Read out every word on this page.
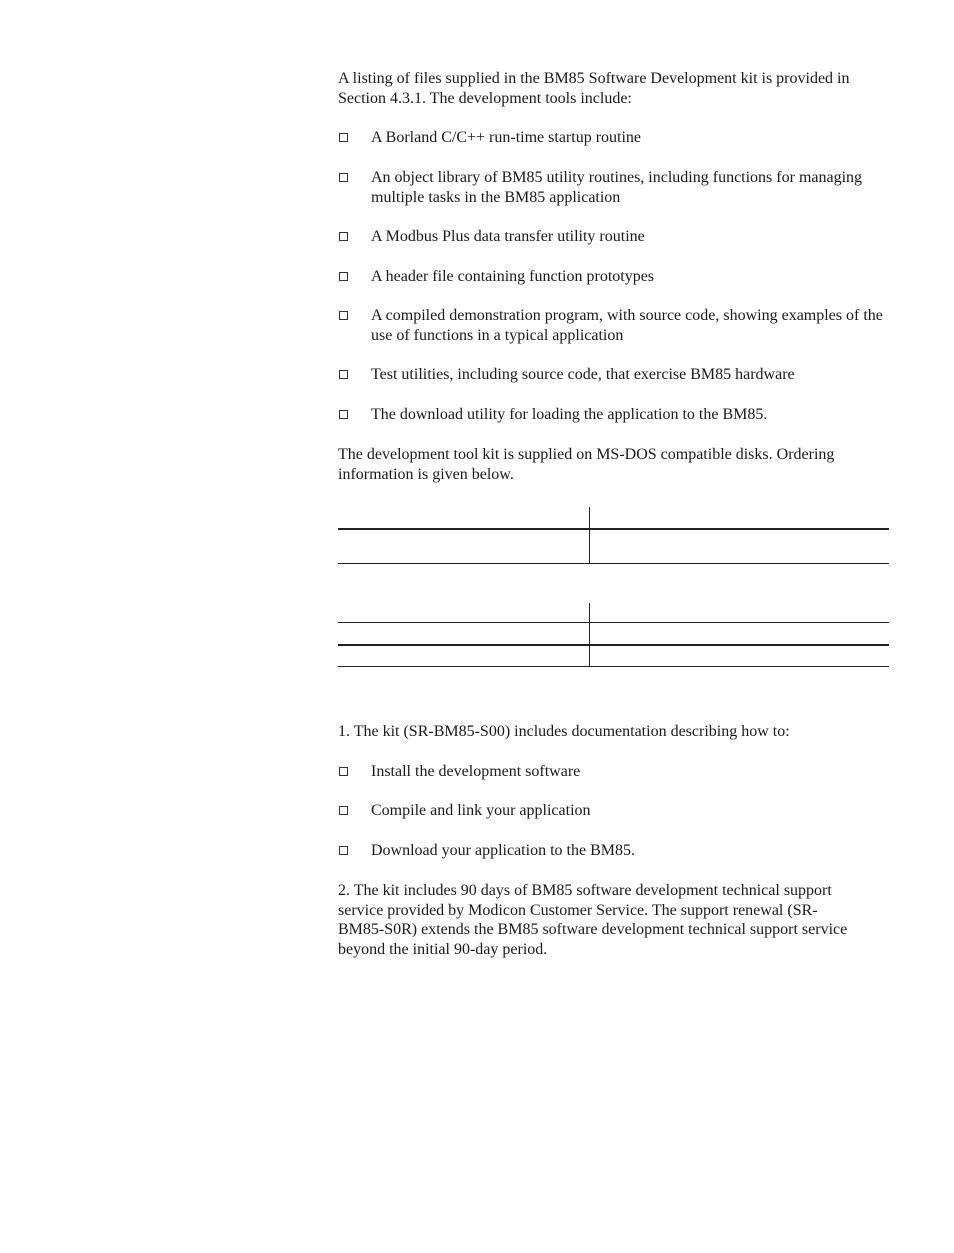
A listing of files supplied in the BM85 Software Development kit is provided in Section 4.3.1. The development tools include:

A Borland C/C++ run-time startup routine
An object library of BM85 utility routines, including functions for managing multiple tasks in the BM85 application
A Modbus Plus data transfer utility routine
A header file containing function prototypes
A compiled demonstration program, with source code, showing examples of the use of functions in a typical application
Test utilities, including source code, that exercise BM85 hardware
The download utility for loading the application to the BM85.

The development tool kit is supplied on MS-DOS compatible disks. Ordering information is given below.

1. The kit (SR-BM85-S00) includes documentation describing how to:

Install the development software
Compile and link your application
Download your application to the BM85.

2. The kit includes 90 days of BM85 software development technical support service provided by Modicon Customer Service. The support renewal (SR-BM85-S0R) extends the BM85 software development technical support service beyond the initial 90-day period.
